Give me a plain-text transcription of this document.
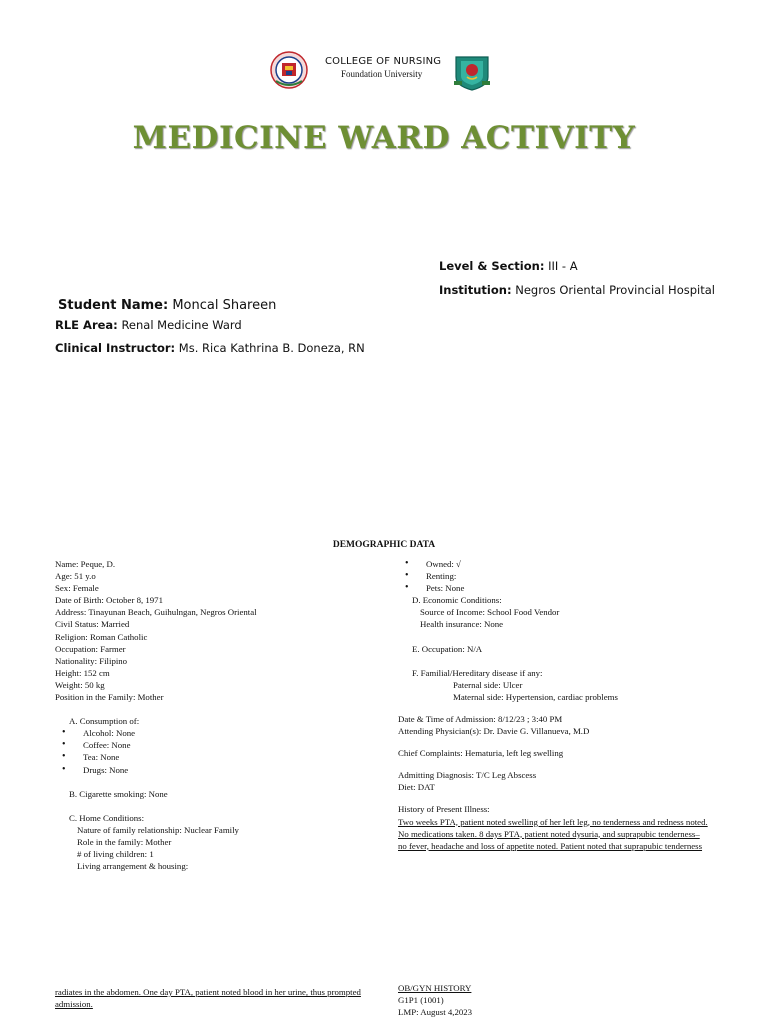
COLLEGE OF NURSING
Foundation University
MEDICINE WARD ACTIVITY
Level & Section: III - A
Institution: Negros Oriental Provincial Hospital
Student Name: Moncal Shareen
RLE Area: Renal Medicine Ward
Clinical Instructor: Ms. Rica Kathrina B. Doneza, RN
DEMOGRAPHIC DATA
Name: Peque, D.
Age: 51 y.o
Sex: Female
Date of Birth: October 8, 1971
Address: Tinayunan Beach, Guihulngan, Negros Oriental
Civil Status: Married
Religion: Roman Catholic
Occupation: Farmer
Nationality: Filipino
Height: 152 cm
Weight: 50 kg
Position in the Family: Mother
A. Consumption of:
• Alcohol: None
• Coffee: None
• Tea: None
• Drugs: None
B. Cigarette smoking: None
C. Home Conditions:
Nature of family relationship: Nuclear Family
Role in the family: Mother
# of living children: 1
Living arrangement & housing:
• Owned: √
• Renting:
• Pets: None
D. Economic Conditions:
Source of Income: School Food Vendor
Health insurance: None
E. Occupation: N/A
F. Familial/Hereditary disease if any:
Paternal side: Ulcer
Maternal side: Hypertension, cardiac problems
Date & Time of Admission: 8/12/23 ; 3:40 PM
Attending Physician(s): Dr. Davie G. Villanueva, M.D
Chief Complaints: Hematuria, left leg swelling
Admitting Diagnosis: T/C Leg Abscess
Diet: DAT
History of Present Illness:
Two weeks PTA, patient noted swelling of her left leg, no tenderness and redness noted.
No medications taken. 8 days PTA, patient noted dysuria, and suprapubic tenderness–
no fever, headache and loss of appetite noted. Patient noted that suprapubic tenderness
radiates in the abdomen. One day PTA, patient noted blood in her urine, thus prompted
admission.
OB/GYN HISTORY
G1P1 (1001)
LMP: August 4,2023
